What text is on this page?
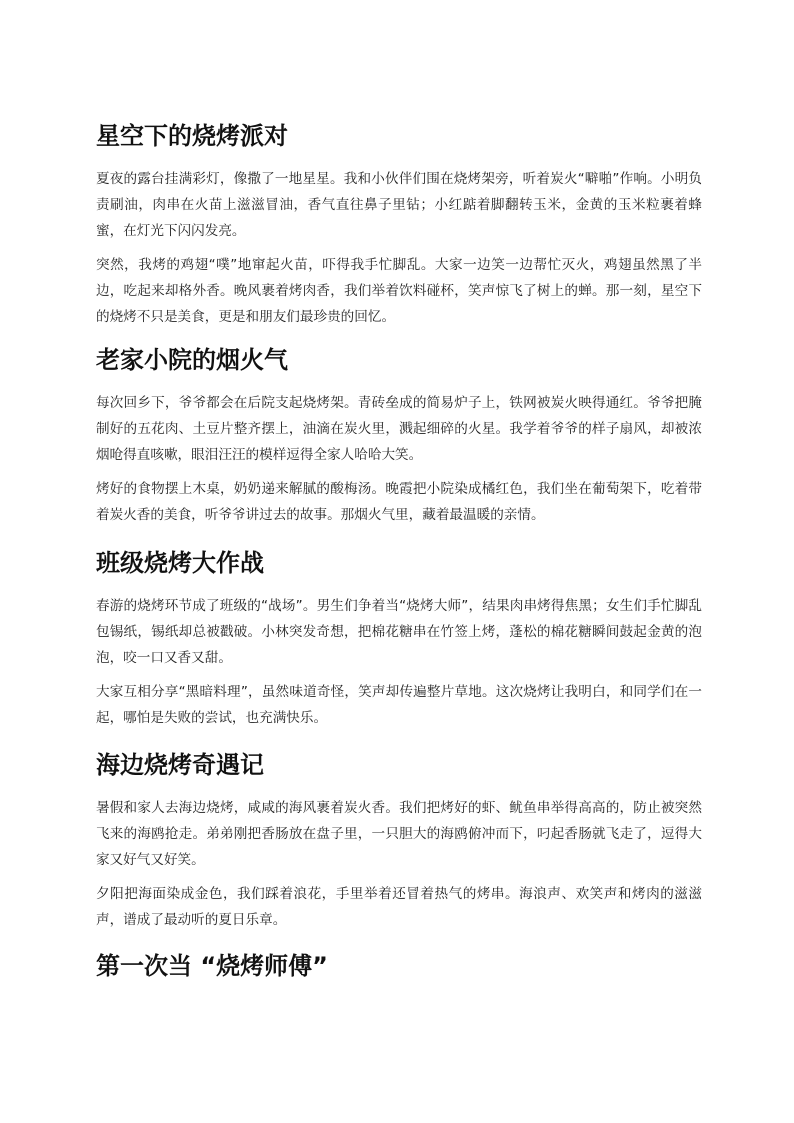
星空下的烧烤派对

夏夜的露台挂满彩灯，像撒了一地星星。我和小伙伴们围在烧烤架旁，听着炭火“噼啪”作响。小明负责刷油，肉串在火苗上滋滋冒油，香气直往鼻子里钻；小红踮着脚翻转玉米，金黄的玉米粒裹着蜂蜜，在灯光下闪闪发亮。

突然，我烤的鸡翅“噗”地窜起火苗，吓得我手忙脚乱。大家一边笑一边帮忙灭火，鸡翅虽然黑了半边，吃起来却格外香。晚风裹着烤肉香，我们举着饮料碰杯，笑声惊飞了树上的蝉。那一刻，星空下的烧烤不只是美食，更是和朋友们最珍贵的回忆。

老家小院的烟火气

每次回乡下，爷爷都会在后院支起烧烤架。青砖垒成的简易炉子上，铁网被炭火映得通红。爷爷把腌制好的五花肉、土豆片整齐摆上，油滴在炭火里，溅起细碎的火星。我学着爷爷的样子扇风，却被浓烟呛得直咳嗽，眼泪汪汪的模样逗得全家人哈哈大笑。

烤好的食物摆上木桌，奶奶递来解腻的酸梅汤。晚霞把小院染成橘红色，我们坐在葡萄架下，吃着带着炭火香的美食，听爷爷讲过去的故事。那烟火气里，藏着最温暖的亲情。

班级烧烤大作战

春游的烧烤环节成了班级的“战场”。男生们争着当“烧烤大师”，结果肉串烤得焦黑；女生们手忙脚乱包锡纸，锡纸却总被戳破。小林突发奇想，把棉花糖串在竹签上烤，蓬松的棉花糖瞬间鼓起金黄的泡泡，咬一口又香又甜。

大家互相分享“黑暗料理”，虽然味道奇怪，笑声却传遍整片草地。这次烧烤让我明白，和同学们在一起，哪怕是失败的尝试，也充满快乐。

海边烧烤奇遇记

暑假和家人去海边烧烤，咸咸的海风裹着炭火香。我们把烤好的虾、鱿鱼串举得高高的，防止被突然飞来的海鸥抢走。弟弟刚把香肠放在盘子里，一只胆大的海鸥俯冲而下，叼起香肠就飞走了，逗得大家又好气又好笑。

夕阳把海面染成金色，我们踩着浪花，手里举着还冒着热气的烤串。海浪声、欢笑声和烤肉的滋滋声，谱成了最动听的夏日乐章。

第一次当 “烧烤师傅”
